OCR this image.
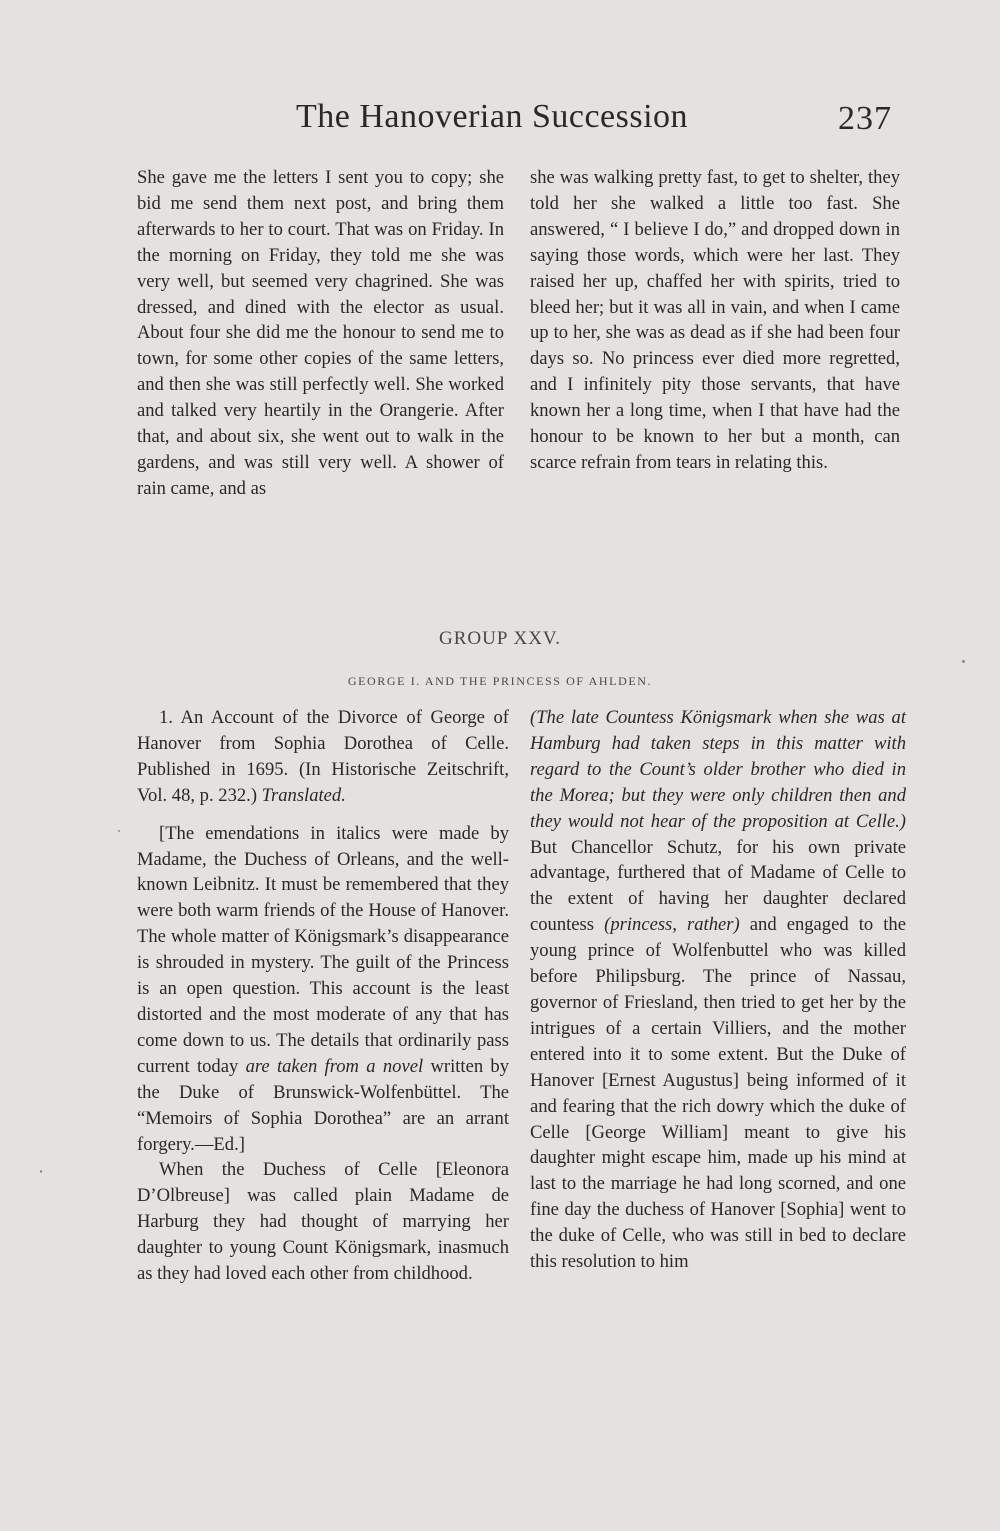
The Hanoverian Succession	237

She gave me the letters I sent you to copy; she bid me send them next post, and bring them afterwards to her to court. That was on Friday. In the morning on Friday, they told me she was very well, but seemed very chagrined. She was dressed, and dined with the elector as usual. About four she did me the honour to send me to town, for some other copies of the same letters, and then she was still perfectly well. She worked and talked very heartily in the Orangerie. After that, and about six, she went out to walk in the gardens, and was still very well. A shower of rain came, and as

she was walking pretty fast, to get to shelter, they told her she walked a little too fast. She answered, “ I believe I do,” and dropped down in saying those words, which were her last. They raised her up, chaffed her with spirits, tried to bleed her; but it was all in vain, and when I came up to her, she was as dead as if she had been four days so. No princess ever died more regretted, and I infinitely pity those servants, that have known her a long time, when I that have had the honour to be known to her but a month, can scarce refrain from tears in relating this.

GROUP XXV.
GEORGE I. AND THE PRINCESS OF AHLDEN.

1. An Account of the Divorce of George of Hanover from Sophia Dorothea of Celle. Published in 1695. (In Historische Zeitschrift, Vol. 48, p. 232.) Translated.

[The emendations in italics were made by Madame, the Duchess of Orleans, and the well-known Leibnitz. It must be remembered that they were both warm friends of the House of Hanover. The whole matter of Königsmark’s disappearance is shrouded in mystery. The guilt of the Princess is an open question. This account is the least distorted and the most moderate of any that has come down to us. The details that ordinarily pass current today are taken from a novel written by the Duke of Brunswick-Wolfenbüttel. The “Memoirs of Sophia Dorothea” are an arrant forgery.—Ed.]

When the Duchess of Celle [Eleonora D’Olbreuse] was called plain Madame de Harburg they had thought of marrying her daughter to young Count Königsmark, inasmuch as they had loved each other from childhood.

(The late Countess Königsmark when she was at Hamburg had taken steps in this matter with regard to the Count’s older brother who died in the Morea; but they were only children then and they would not hear of the proposition at Celle.) But Chancellor Schutz, for his own private advantage, furthered that of Madame of Celle to the extent of having her daughter declared countess (princess, rather) and engaged to the young prince of Wolfenbuttel who was killed before Philipsburg. The prince of Nassau, governor of Friesland, then tried to get her by the intrigues of a certain Villiers, and the mother entered into it to some extent. But the Duke of Hanover [Ernest Augustus] being informed of it and fearing that the rich dowry which the duke of Celle [George William] meant to give his daughter might escape him, made up his mind at last to the marriage he had long scorned, and one fine day the duchess of Hanover [Sophia] went to the duke of Celle, who was still in bed to declare this resolution to him
